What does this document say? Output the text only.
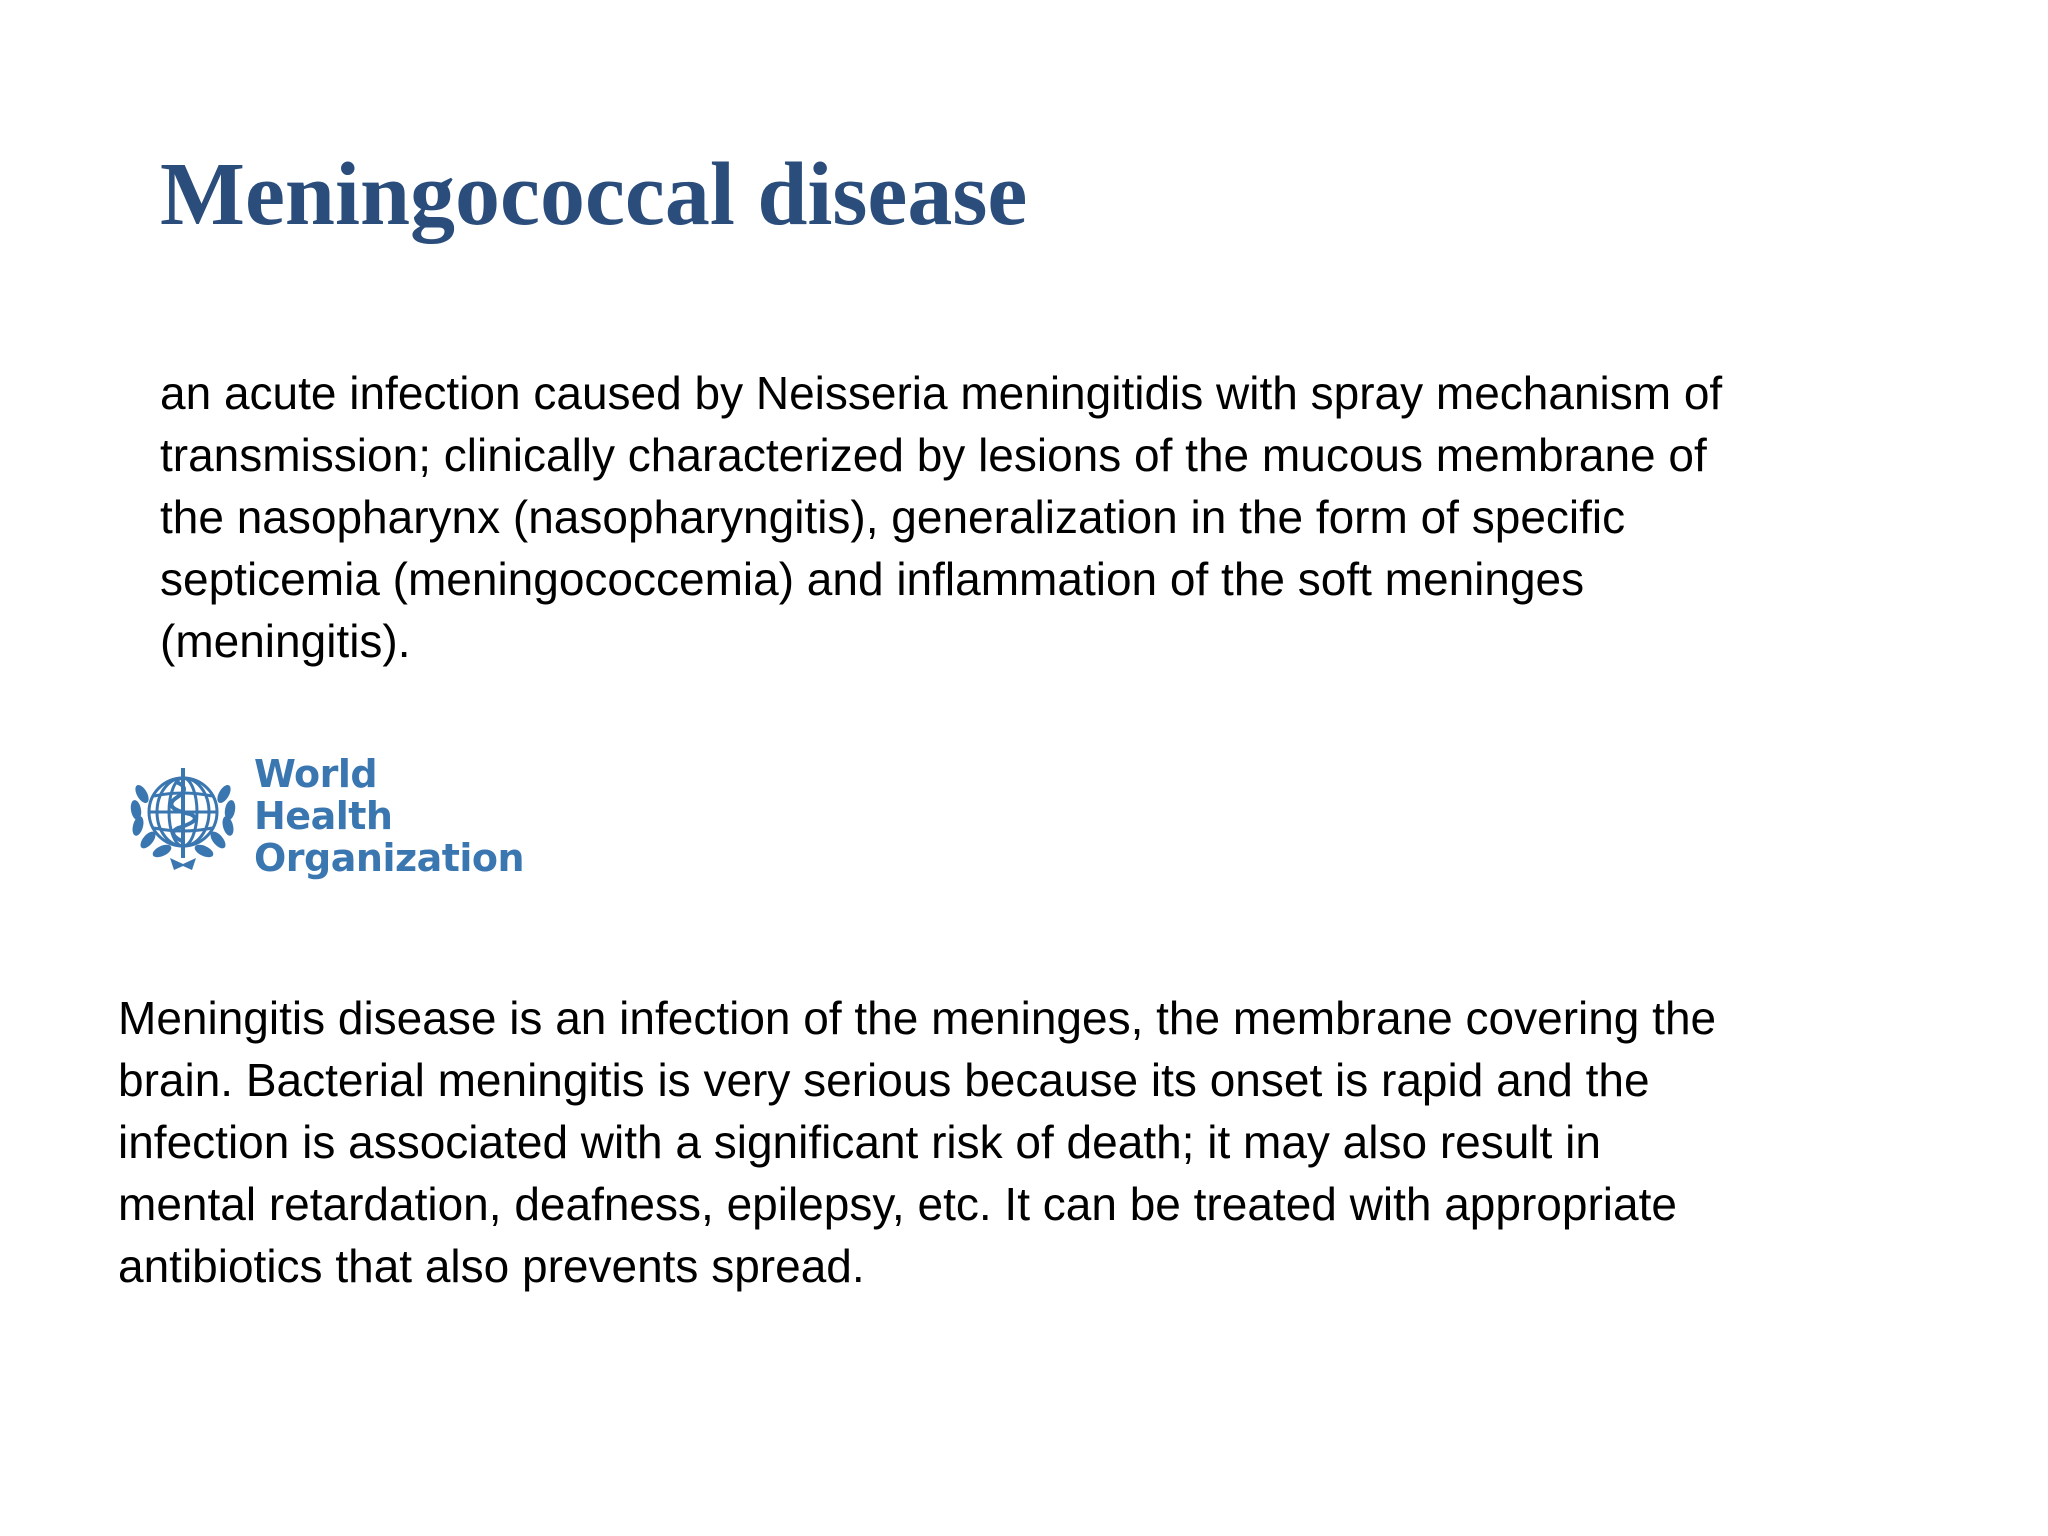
Meningococcal disease

an acute infection caused by Neisseria meningitidis with spray mechanism of
transmission; clinically characterized by lesions of the mucous membrane of
the nasopharynx (nasopharyngitis), generalization in the form of specific
septicemia (meningococcemia) and inflammation of the soft meninges
(meningitis).

World Health
Organization

Meningitis disease is an infection of the meninges, the membrane covering the
brain. Bacterial meningitis is very serious because its onset is rapid and the
infection is associated with a significant risk of death; it may also result in
mental retardation, deafness, epilepsy, etc. It can be treated with appropriate
antibiotics that also prevents spread.
